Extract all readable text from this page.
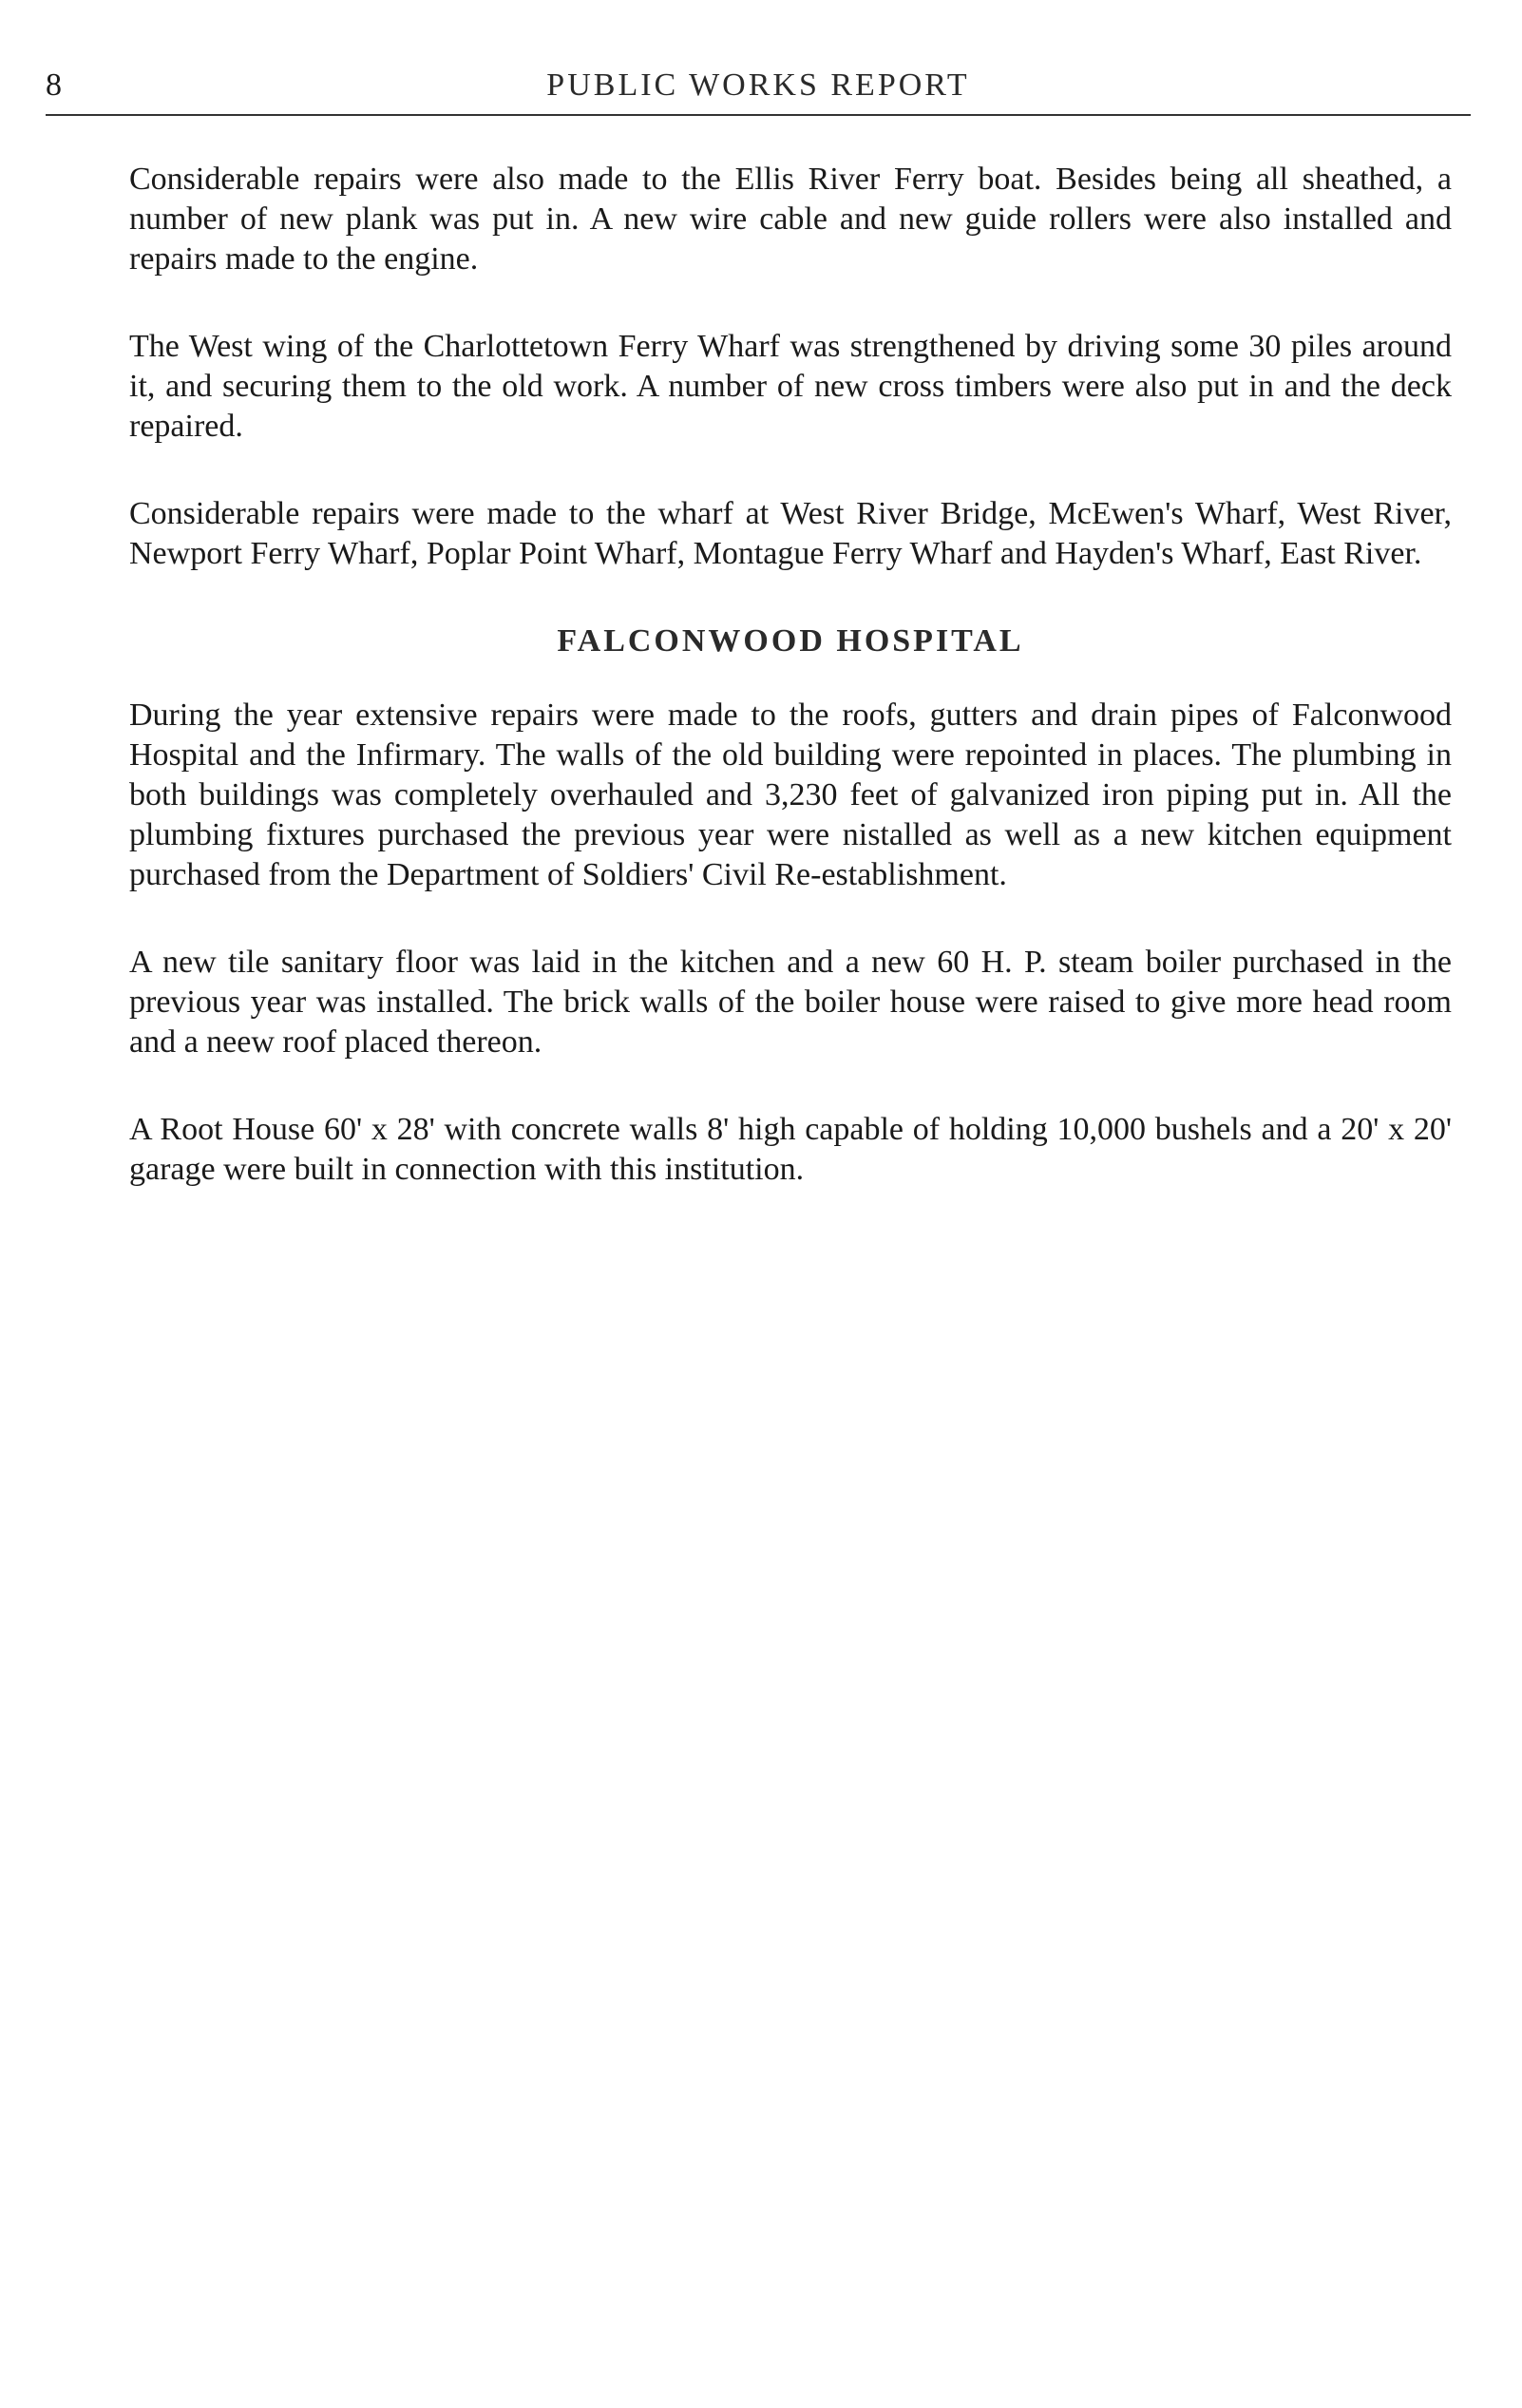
8	PUBLIC WORKS REPORT

Considerable repairs were also made to the Ellis River Ferry boat. Besides being all sheathed, a number of new plank was put in. A new wire cable and new guide rollers were also installed and repairs made to the engine.

The West wing of the Charlottetown Ferry Wharf was strengthened by driving some 30 piles around it, and securing them to the old work. A number of new cross timbers were also put in and the deck repaired.

Considerable repairs were made to the wharf at West River Bridge, McEwen's Wharf, West River, Newport Ferry Wharf, Poplar Point Wharf, Montague Ferry Wharf and Hayden's Wharf, East River.

FALCONWOOD HOSPITAL

During the year extensive repairs were made to the roofs, gutters and drain pipes of Falconwood Hospital and the Infirmary. The walls of the old building were repointed in places. The plumbing in both buildings was completely overhauled and 3,230 feet of galvanized iron piping put in. All the plumbing fixtures purchased the previous year were nistalled as well as a new kitchen equipment purchased from the Department of Soldiers' Civil Re-establishment.

A new tile sanitary floor was laid in the kitchen and a new 60 H. P. steam boiler purchased in the previous year was installed. The brick walls of the boiler house were raised to give more head room and a neew roof placed thereon.

A Root House 60' x 28' with concrete walls 8' high capable of holding 10,000 bushels and a 20' x 20' garage were built in connection with this institution.
